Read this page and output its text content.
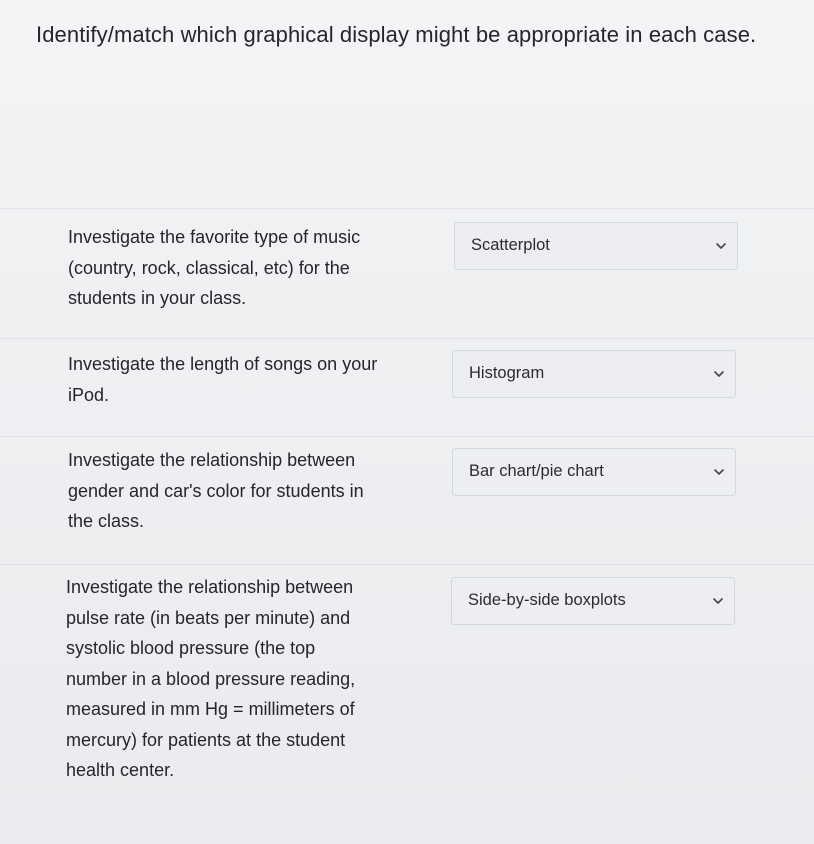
Identify/match which graphical display might be appropriate in each case.
Investigate the favorite type of music (country, rock, classical, etc) for the students in your class.
Scatterplot
Investigate the length of songs on your iPod.
Histogram
Investigate the relationship between gender and car's color for students in the class.
Bar chart/pie chart
Investigate the relationship between pulse rate (in beats per minute) and systolic blood pressure (the top number in a blood pressure reading, measured in mm Hg = millimeters of mercury) for patients at the student health center.
Side-by-side boxplots
